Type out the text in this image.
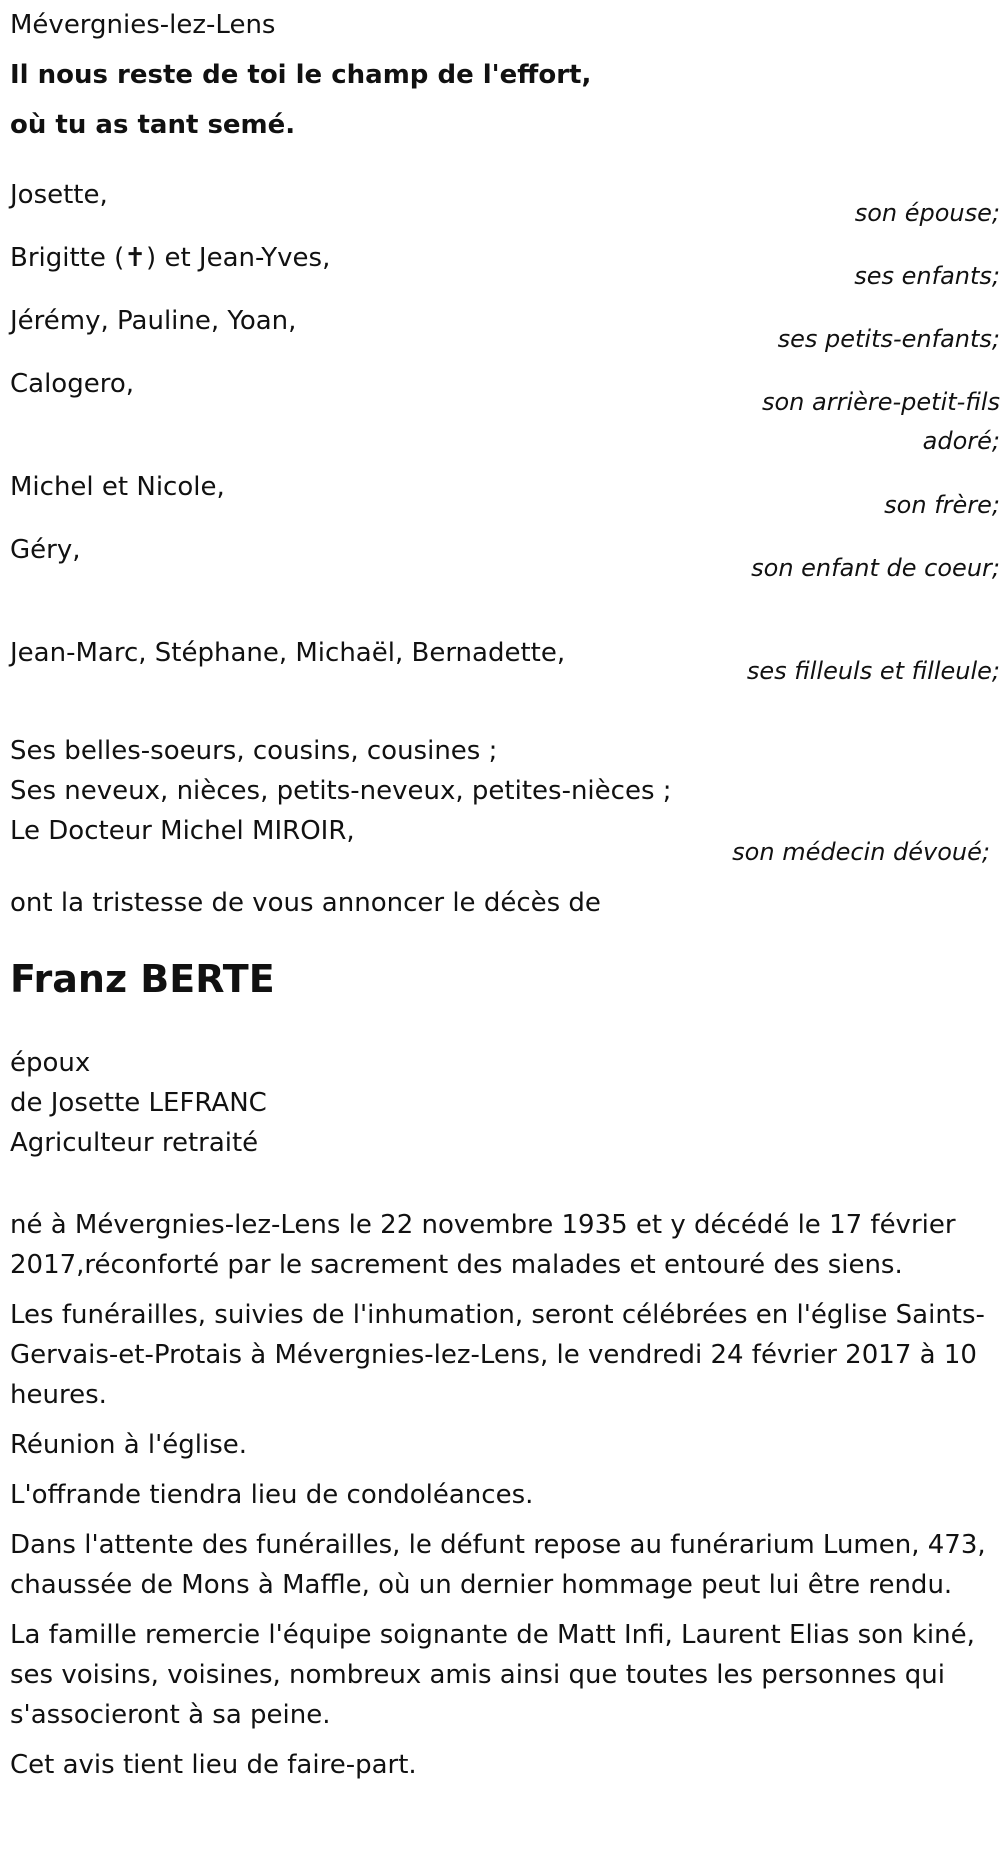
Mévergnies-lez-Lens

Il nous reste de toi le champ de l'effort,

où tu as tant semé.

Josette,
son épouse;
Brigitte (✝) et Jean-Yves,
ses enfants;
Jérémy, Pauline, Yoan,
ses petits-enfants;
Calogero,
son arrière-petit-fils adoré;
Michel et Nicole,
son frère;
Géry,
son enfant de coeur;
Jean-Marc, Stéphane, Michaël, Bernadette,
ses filleuls et filleule;

Ses belles-soeurs, cousins, cousines ;

Ses neveux, nièces, petits-neveux, petites-nièces ;

Le Docteur Michel MIROIR,

son médecin dévoué;

ont la tristesse de vous annoncer le décès de

Franz BERTE
époux
de Josette LEFRANC
Agriculteur retraité

né à Mévergnies-lez-Lens le 22 novembre 1935 et y décédé le 17 février 2017,réconforté par le sacrement des malades et entouré des siens.

Les funérailles, suivies de l'inhumation, seront célébrées en l'église Saints-Gervais-et-Protais à Mévergnies-lez-Lens, le vendredi 24 février 2017 à 10 heures.

Réunion à l'église.

L'offrande tiendra lieu de condoléances.

Dans l'attente des funérailles, le défunt repose au funérarium Lumen, 473, chaussée de Mons à Maffle, où un dernier hommage peut lui être rendu.

La famille remercie l'équipe soignante de Matt Infi, Laurent Elias son kiné, ses voisins, voisines, nombreux amis ainsi que toutes les personnes qui s'associeront à sa peine.

Cet avis tient lieu de faire-part.
